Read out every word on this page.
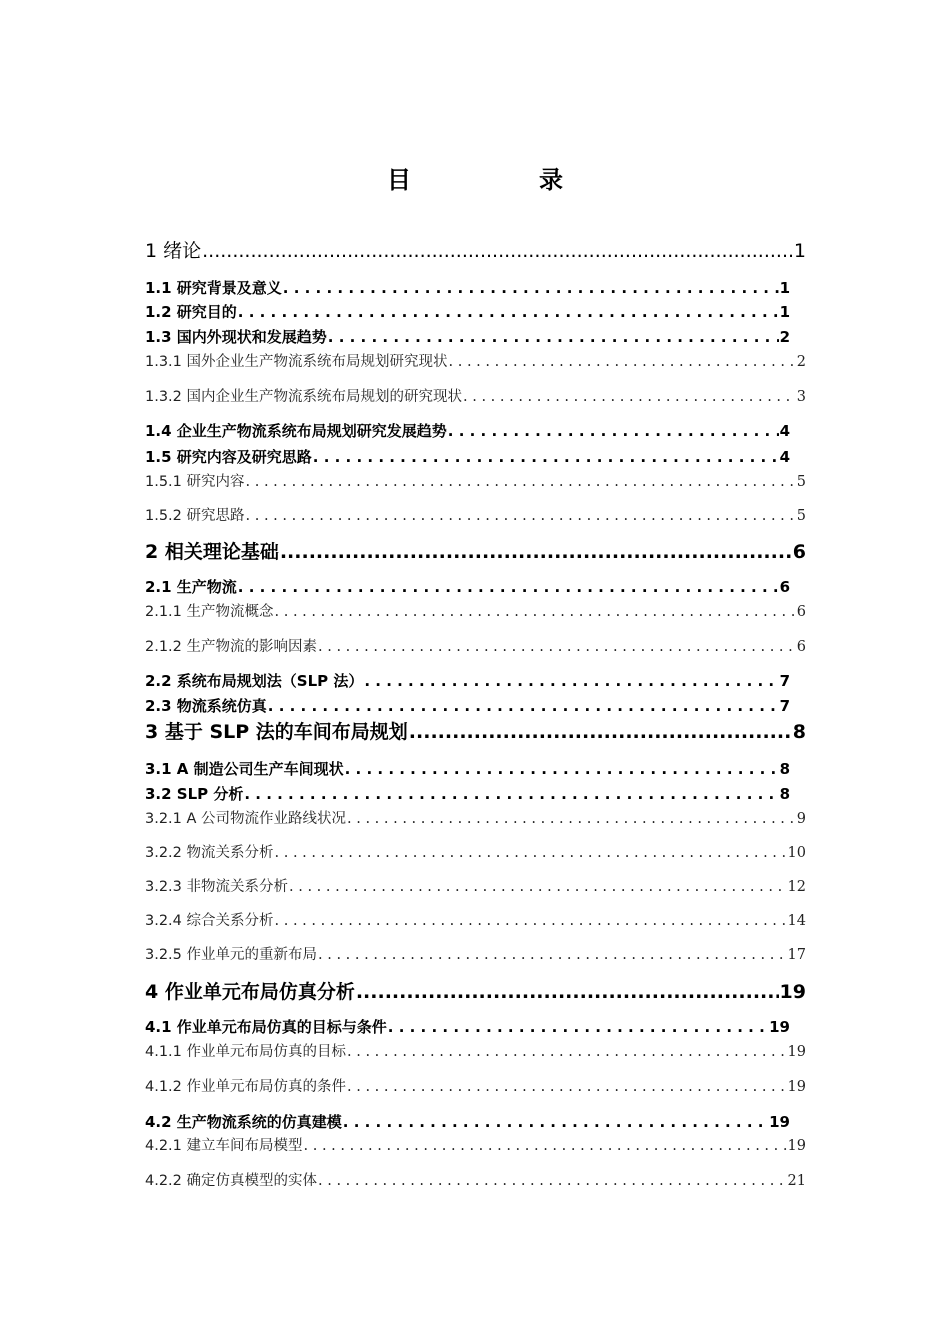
目　录
1 绪论 .....	1
1.1 研究背景及意义 . . .	1
1.2 研究目的 . . .	1
1.3 国内外现状和发展趋势 . . .	2
1.3.1 国外企业生产物流系统布局规划研究现状 . . .	2
1.3.2 国内企业生产物流系统布局规划的研究现状 . . .	3
1.4 企业生产物流系统布局规划研究发展趋势 . . .	4
1.5 研究内容及研究思路 . . .	4
1.5.1 研究内容 . . .	5
1.5.2 研究思路 . . .	5
2 相关理论基础 .....	6
2.1 生产物流 . . .	6
2.1.1 生产物流概念 . . .	6
2.1.2 生产物流的影响因素 . . .	6
2.2 系统布局规划法（SLP 法） . . .	7
2.3 物流系统仿真 . . .	7
3 基于 SLP 法的车间布局规划 .....	8
3.1 A 制造公司生产车间现状 . . .	8
3.2 SLP 分析 . . .	8
3.2.1 A 公司物流作业路线状况 . . .	9
3.2.2 物流关系分析 . . .	10
3.2.3 非物流关系分析 . . .	12
3.2.4 综合关系分析 . . .	14
3.2.5 作业单元的重新布局 . . .	17
4 作业单元布局仿真分析 .....	19
4.1 作业单元布局仿真的目标与条件 . . .	19
4.1.1 作业单元布局仿真的目标 . . .	19
4.1.2 作业单元布局仿真的条件 . . .	19
4.2 生产物流系统的仿真建模 . . .	19
4.2.1 建立车间布局模型 . . .	19
4.2.2 确定仿真模型的实体 . . .	21
